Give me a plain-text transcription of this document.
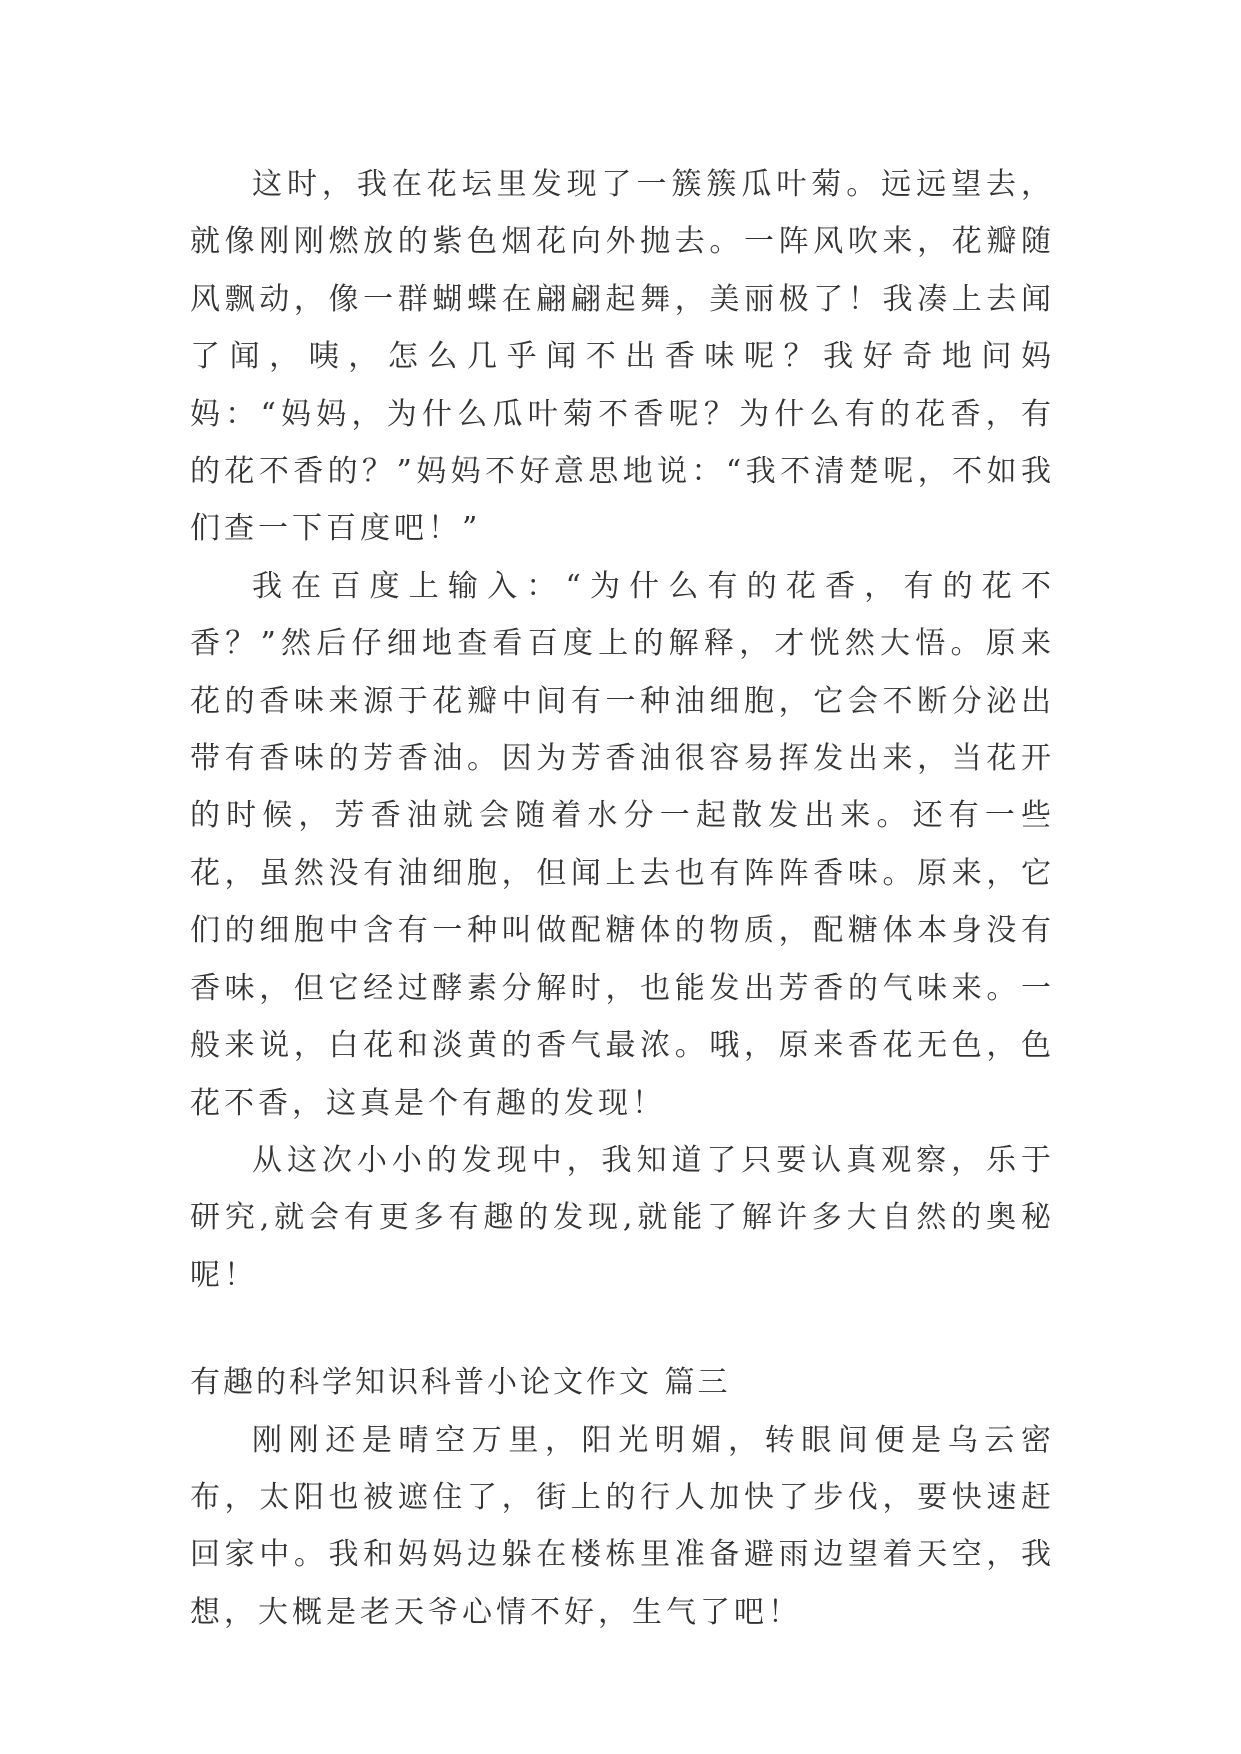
这时，我在花坛里发现了一簇簇瓜叶菊。远远望去，就像刚刚燃放的紫色烟花向外抛去。一阵风吹来，花瓣随风飘动，像一群蝴蝶在翩翩起舞，美丽极了！我凑上去闻了闻，咦，怎么几乎闻不出香味呢？我好奇地问妈妈：“妈妈，为什么瓜叶菊不香呢？为什么有的花香，有的花不香的？”妈妈不好意思地说：“我不清楚呢，不如我们查一下百度吧！”

我在百度上输入：“为什么有的花香，有的花不香？”然后仔细地查看百度上的解释，才恍然大悟。原来花的香味来源于花瓣中间有一种油细胞，它会不断分泌出带有香味的芳香油。因为芳香油很容易挥发出来，当花开的时候，芳香油就会随着水分一起散发出来。还有一些花，虽然没有油细胞，但闻上去也有阵阵香味。原来，它们的细胞中含有一种叫做配糖体的物质，配糖体本身没有香味，但它经过酵素分解时，也能发出芳香的气味来。一般来说，白花和淡黄的香气最浓。哦，原来香花无色，色花不香，这真是个有趣的发现！

从这次小小的发现中，我知道了只要认真观察，乐于研究,就会有更多有趣的发现,就能了解许多大自然的奥秘呢！

有趣的科学知识科普小论文作文 篇三

刚刚还是晴空万里，阳光明媚，转眼间便是乌云密布，太阳也被遮住了，街上的行人加快了步伐，要快速赶回家中。我和妈妈边躲在楼栋里准备避雨边望着天空，我想，大概是老天爷心情不好，生气了吧！
